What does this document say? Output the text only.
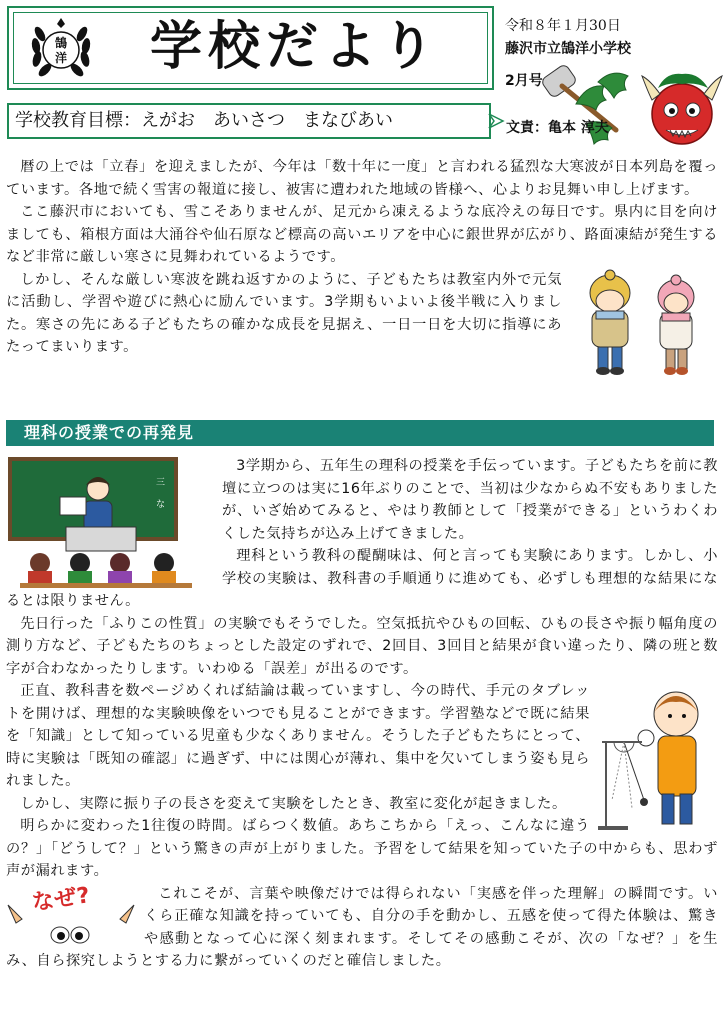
鵠
洋 学校だより
学校教育目標：えがお　あいさつ　まなびあい
令和８年１月30日
藤沢市立鵠洋小学校
2月号
文責：亀本 淳夫
暦の上では「立春」を迎えましたが、今年は「数十年に一度」と言われる猛烈な大寒波が日本列島を覆っています。各地で続く雪害の報道に接し、被害に遭われた地域の皆様へ、心よりお見舞い申し上げます。
ここ藤沢市においても、雪こそありませんが、足元から凍えるような底冷えの毎日です。県内に目を向けましても、箱根方面は大涌谷や仙石原など標高の高いエリアを中心に銀世界が広がり、路面凍結が発生するなど非常に厳しい寒さに見舞われているようです。
しかし、そんな厳しい寒波を跳ね返すかのように、子どもたちは教室内外で元気に活動し、学習や遊びに熱心に励んでいます。3学期もいよいよ後半戦に入りました。寒さの先にある子どもたちの確かな成長を見据え、一日一日を大切に指導にあたってまいります。
理科の授業での再発見
三
な
3学期から、五年生の理科の授業を手伝っています。子どもたちを前に教壇に立つのは実に16年ぶりのことで、当初は少なからぬ不安もありましたが、いざ始めてみると、やはり教師として「授業ができる」というわくわくした気持ちが込み上げてきました。
理科という教科の醍醐味は、何と言っても実験にあります。しかし、小学校の実験は、教科書の手順通りに進めても、必ずしも理想的な結果になるとは限りません。
先日行った「ふりこの性質」の実験でもそうでした。空気抵抗やひもの回転、ひもの長さや振り幅角度の測り方など、子どもたちのちょっとした設定のずれで、2回目、3回目と結果が食い違ったり、隣の班と数字が合わなかったりします。いわゆる「誤差」が出るのです。
正直、教科書を数ページめくれば結論は載っていますし、今の時代、手元のタブレットを開けば、理想的な実験映像をいつでも見ることができます。学習塾などで既に結果を「知識」として知っている児童も少なくありません。そうした子どもたちにとって、時に実験は「既知の確認」に過ぎず、中には関心が薄れ、集中を欠いてしまう姿も見られました。
しかし、実際に振り子の長さを変えて実験をしたとき、教室に変化が起きました。
明らかに変わった1往復の時間。ばらつく数値。あちこちから「えっ、こんなに違うの？」「どうして？」という驚きの声が上がりました。予習をして結果を知っていた子の中からも、思わず声が漏れます。
なぜ?	これこそが、言葉や映像だけでは得られない「実感を伴った理解」の瞬間です。いくら正確な知識を持っていても、自分の手を動かし、五感を使って得た体験は、驚きや感動となって心に深く刻まれます。そしてその感動こそが、次の「なぜ？」を生み、自ら探究しようとする力に繋がっていくのだと確信しました。
